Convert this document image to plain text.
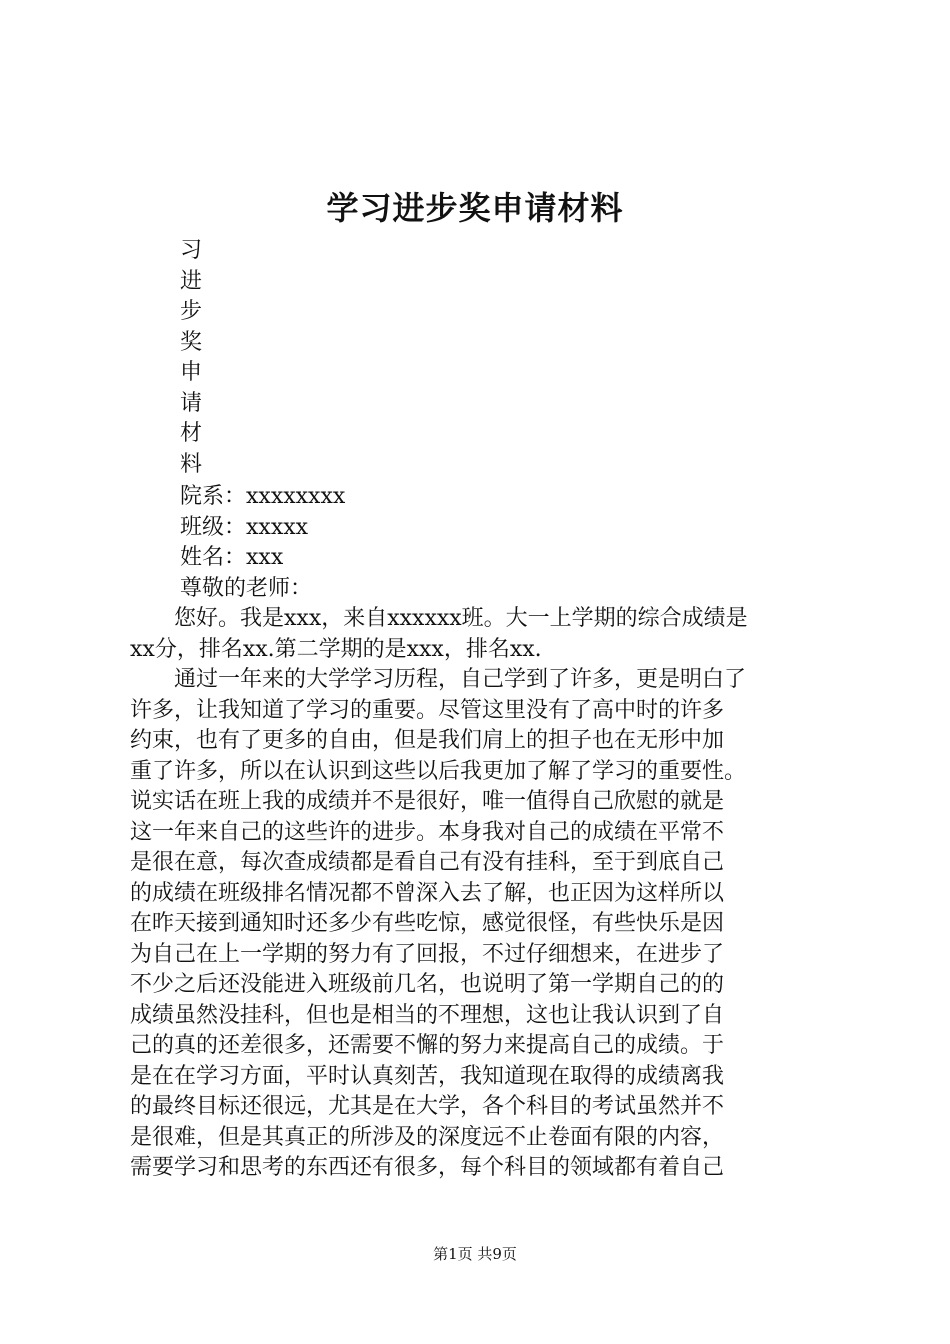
学习进步奖申请材料
习
进
步
奖
申
请
材
料
院系：xxxxxxxx
班级：xxxxx
姓名：xxx
尊敬的老师：
　　您好。我是xxx，来自xxxxxx班。大一上学期的综合成绩是
xx分，排名xx.第二学期的是xxx，排名xx.
　　通过一年来的大学学习历程，自己学到了许多，更是明白了
许多，让我知道了学习的重要。尽管这里没有了高中时的许多
约束，也有了更多的自由，但是我们肩上的担子也在无形中加
重了许多，所以在认识到这些以后我更加了解了学习的重要性。
说实话在班上我的成绩并不是很好，唯一值得自己欣慰的就是
这一年来自己的这些许的进步。本身我对自己的成绩在平常不
是很在意，每次查成绩都是看自己有没有挂科，至于到底自己
的成绩在班级排名情况都不曾深入去了解，也正因为这样所以
在昨天接到通知时还多少有些吃惊，感觉很怪，有些快乐是因
为自己在上一学期的努力有了回报，不过仔细想来，在进步了
不少之后还没能进入班级前几名，也说明了第一学期自己的的
成绩虽然没挂科，但也是相当的不理想，这也让我认识到了自
己的真的还差很多，还需要不懈的努力来提高自己的成绩。于
是在在学习方面，平时认真刻苦，我知道现在取得的成绩离我
的最终目标还很远，尤其是在大学，各个科目的考试虽然并不
是很难，但是其真正的所涉及的深度远不止卷面有限的内容，
需要学习和思考的东西还有很多，每个科目的领域都有着自己
第1页 共9页
